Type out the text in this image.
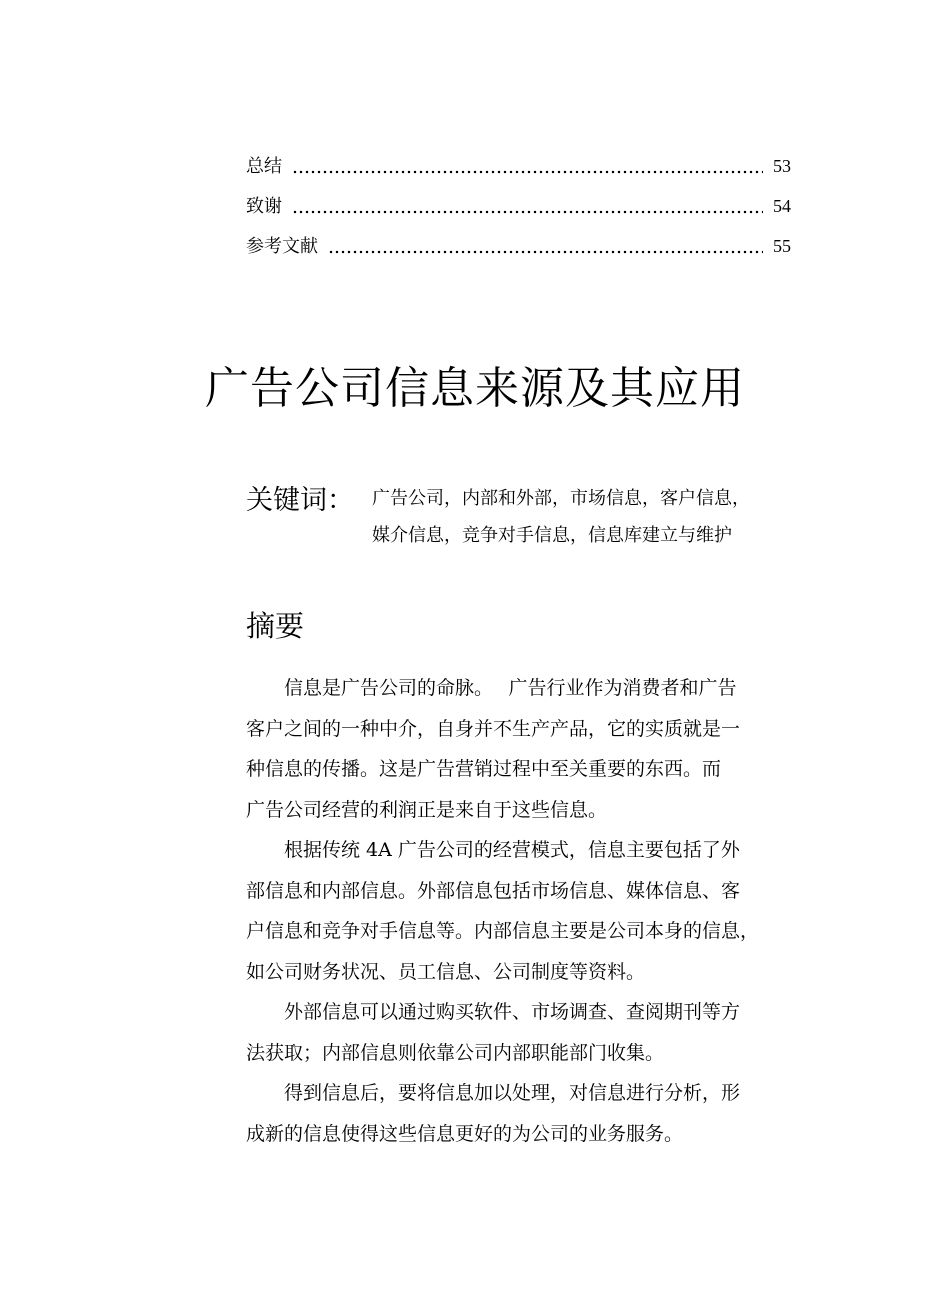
总结	53
致谢	54
参考文献	55
广告公司信息来源及其应用
关键词： 广告公司，内部和外部，市场信息，客户信息，
媒介信息，竞争对手信息，信息库建立与维护
摘要

信息是广告公司的命脉。　 广告行业作为消费者和广告
客户之间的一种中介，自身并不生产产品，它的实质就是一
种信息的传播。这是广告营销过程中至关重要的东西。而
广告公司经营的利润正是来自于这些信息。

根据传统 4A 广告公司的经营模式，信息主要包括了外
部信息和内部信息。外部信息包括市场信息、媒体信息、客
户信息和竞争对手信息等。内部信息主要是公司本身的信息，
如公司财务状况、员工信息、公司制度等资料。

外部信息可以通过购买软件、市场调查、查阅期刊等方
法获取；内部信息则依靠公司内部职能部门收集。

得到信息后，要将信息加以处理，对信息进行分析，形
成新的信息使得这些信息更好的为公司的业务服务。
